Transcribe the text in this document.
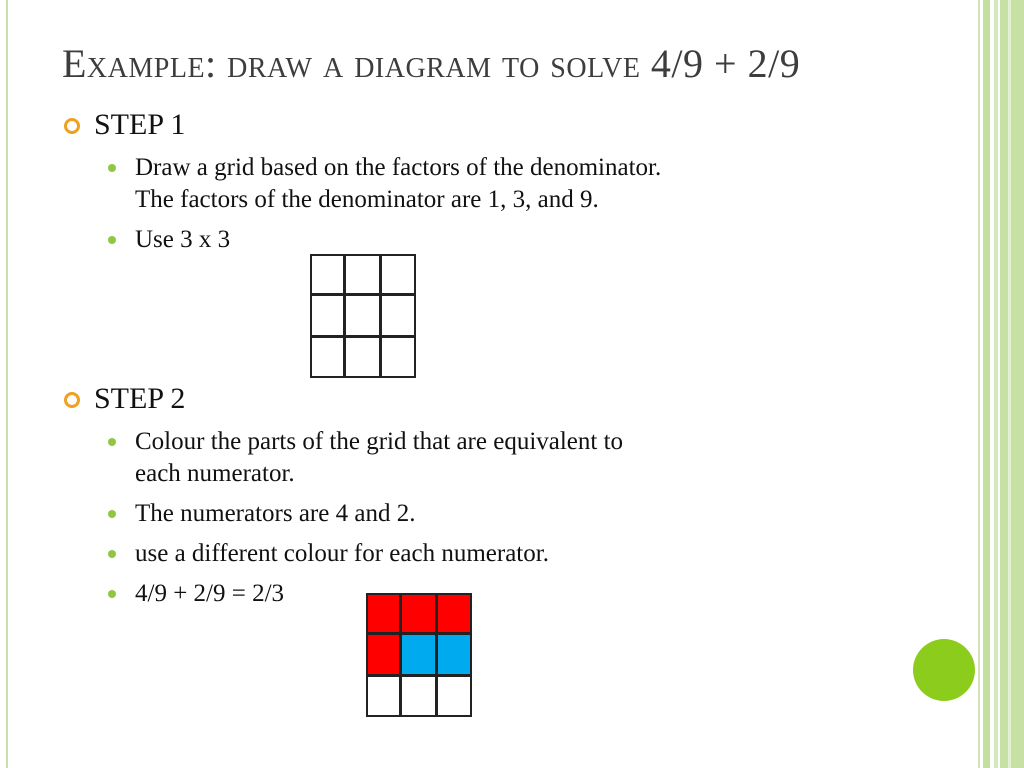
Example: draw a diagram to solve 4/9 + 2/9
STEP 1
Draw a grid based on the factors of the denominator.
The factors of the denominator are 1, 3, and 9.
Use 3 x 3
STEP 2
Colour the parts of the grid that are equivalent to
each numerator.
The numerators are 4 and 2.
use a different colour for each numerator.
4/9 + 2/9 = 2/3
